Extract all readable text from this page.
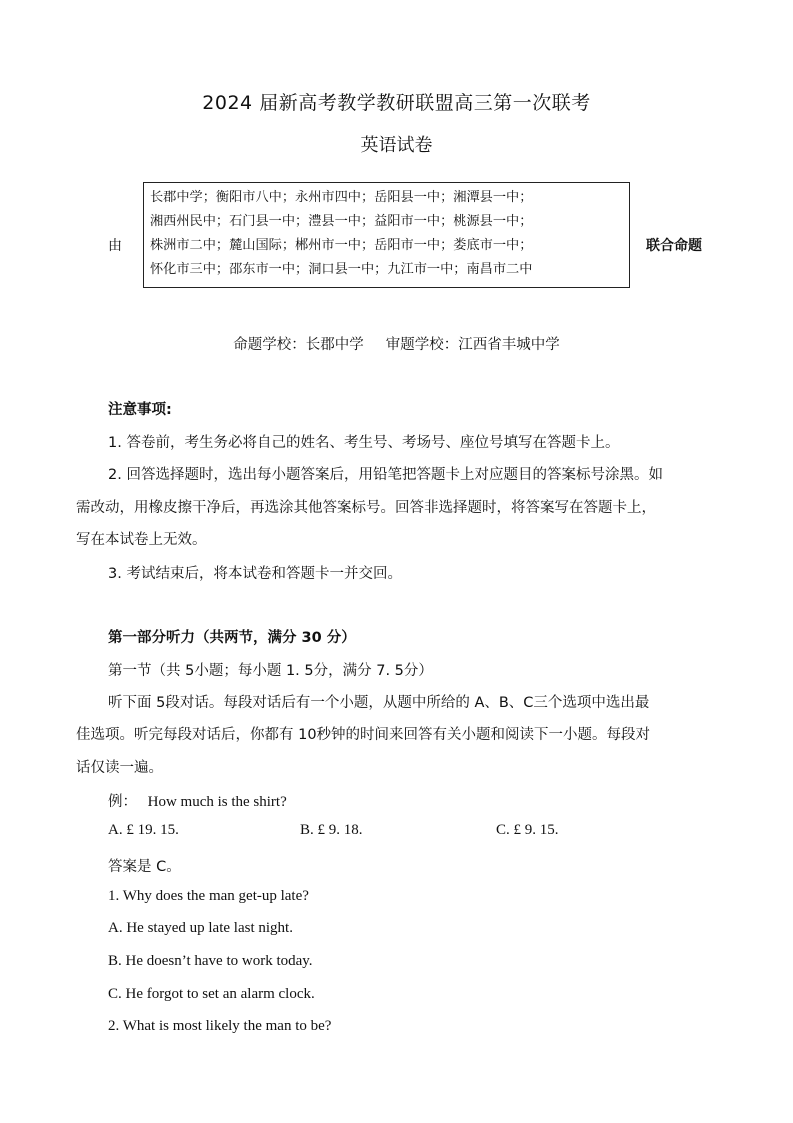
2024 届新高考教学教研联盟高三第一次联考
英语试卷
由
长郡中学；衡阳市八中；永州市四中；岳阳县一中；湘潭县一中；
湘西州民中；石门县一中；澧县一中；益阳市一中；桃源县一中；
株洲市二中；麓山国际；郴州市一中；岳阳市一中；娄底市一中；
怀化市三中；邵东市一中；洞口县一中；九江市一中；南昌市二中
联合命题
命题学校：长郡中学 审题学校：江西省丰城中学
注意事项:
1. 答卷前，考生务必将自己的姓名、考生号、考场号、座位号填写在答题卡上。
2. 回答选择题时，选出每小题答案后，用铅笔把答题卡上对应题目的答案标号涂黑。如
需改动，用橡皮擦干净后，再选涂其他答案标号。回答非选择题时，将答案写在答题卡上，
写在本试卷上无效。
3. 考试结束后，将本试卷和答题卡一并交回。
第一部分听力（共两节，满分 30 分）
第一节（共 5小题；每小题 1. 5分，满分 7. 5分）
听下面 5段对话。每段对话后有一个小题，从题中所给的 A、B、C三个选项中选出最
佳选项。听完每段对话后，你都有 10秒钟的时间来回答有关小题和阅读下一小题。每段对
话仅读一遍。
例： How much is the shirt?
A. £ 19. 15.	B. £ 9. 18.	C. £ 9. 15.
答案是 C。
1. Why does the man get-up late?
A. He stayed up late last night.
B. He doesn’t have to work today.
C. He forgot to set an alarm clock.
2. What is most likely the man to be?
